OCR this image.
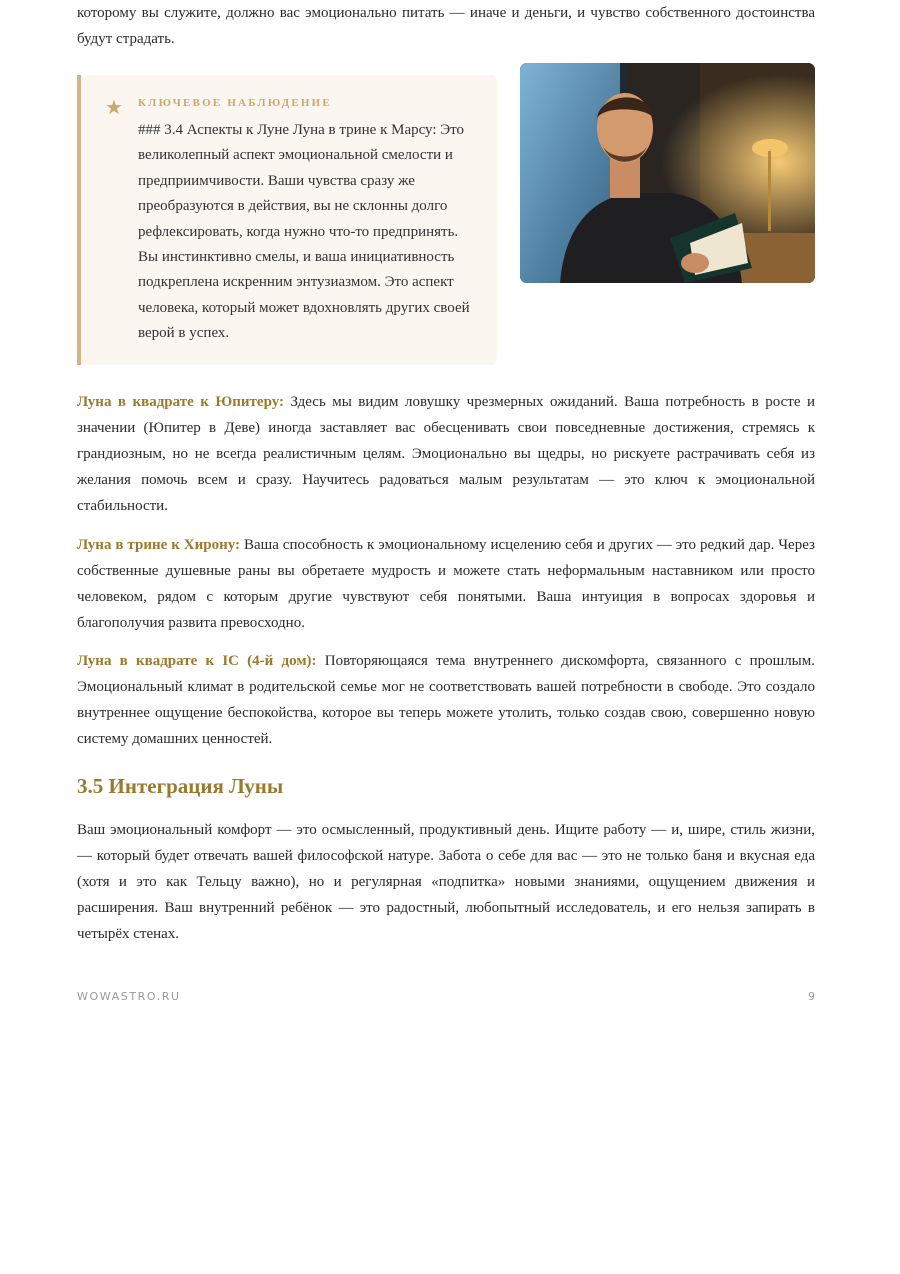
которому вы служите, должно вас эмоционально питать — иначе и деньги, и чувство собственного достоинства будут страдать.

★ КЛЮЧЕВОЕ НАБЛЮДЕНИЕ
### 3.4 Аспекты к Луне Луна в трине к Марсу: Это великолепный аспект эмоциональной смелости и предприимчивости. Ваши чувства сразу же преобразуются в действия, вы не склонны долго рефлексировать, когда нужно что-то предпринять. Вы инстинктивно смелы, и ваша инициативность подкреплена искренним энтузиазмом. Это аспект человека, который может вдохновлять других своей верой в успех.

Луна в квадрате к Юпитеру: Здесь мы видим ловушку чрезмерных ожиданий. Ваша потребность в росте и значении (Юпитер в Деве) иногда заставляет вас обесценивать свои повседневные достижения, стремясь к грандиозным, но не всегда реалистичным целям. Эмоционально вы щедры, но рискуете растрачивать себя из желания помочь всем и сразу. Научитесь радоваться малым результатам — это ключ к эмоциональной стабильности.

Луна в трине к Хирону: Ваша способность к эмоциональному исцелению себя и других — это редкий дар. Через собственные душевные раны вы обретаете мудрость и можете стать неформальным наставником или просто человеком, рядом с которым другие чувствуют себя понятыми. Ваша интуиция в вопросах здоровья и благополучия развита превосходно.

Луна в квадрате к IC (4-й дом): Повторяющаяся тема внутреннего дискомфорта, связанного с прошлым. Эмоциональный климат в родительской семье мог не соответствовать вашей потребности в свободе. Это создало внутреннее ощущение беспокойства, которое вы теперь можете утолить, только создав свою, совершенно новую систему домашних ценностей.

3.5 Интеграция Луны

Ваш эмоциональный комфорт — это осмысленный, продуктивный день. Ищите работу — и, шире, стиль жизни, — который будет отвечать вашей философской натуре. Забота о себе для вас — это не только баня и вкусная еда (хотя и это как Тельцу важно), но и регулярная «подпитка» новыми знаниями, ощущением движения и расширения. Ваш внутренний ребёнок — это радостный, любопытный исследователь, и его нельзя запирать в четырёх стенах.

WOWASTRO.RU	9
